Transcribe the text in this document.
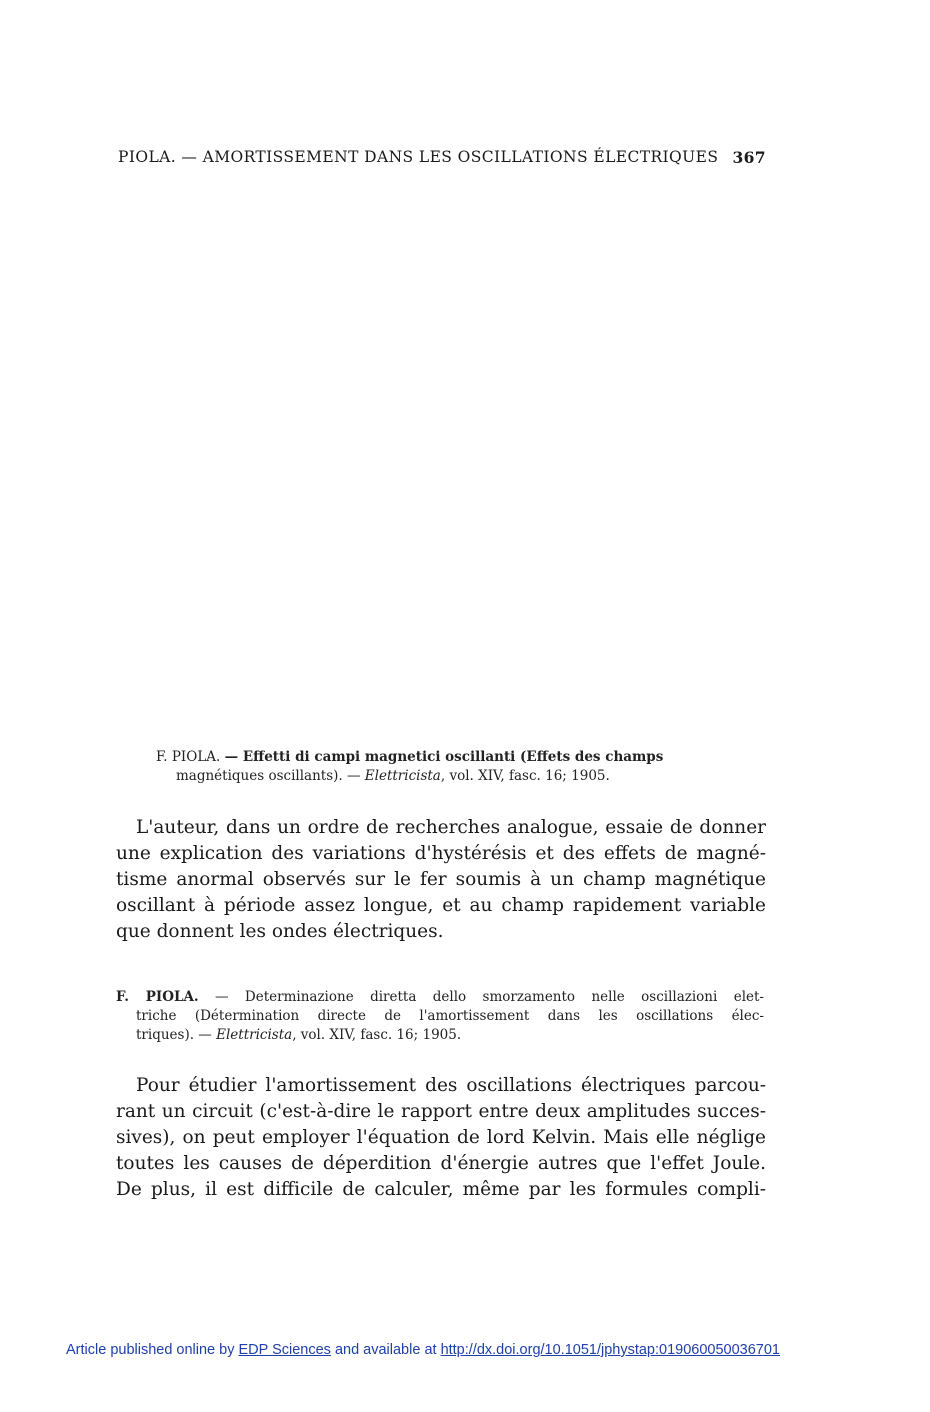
PIOLA. — AMORTISSEMENT DANS LES OSCILLATIONS ÉLECTRIQUES 367
F. PIOLA. — Effetti di campi magnetici oscillanti (Effets des champs
magnétiques oscillants). — Elettricista, vol. XIV, fasc. 16; 1905.
L'auteur, dans un ordre de recherches analogue, essaie de donner
une explication des variations d'hystérésis et des effets de magné-
tisme anormal observés sur le fer soumis à un champ magnétique
oscillant à période assez longue, et au champ rapidement variable
que donnent les ondes électriques.
F. PIOLA. — Determinazione diretta dello smorzamento nelle oscillazioni elet-
triche (Détermination directe de l'amortissement dans les oscillations élec-
triques). — Elettricista, vol. XIV, fasc. 16; 1905.
Pour étudier l'amortissement des oscillations électriques parcou-
rant un circuit (c'est-à-dire le rapport entre deux amplitudes succes-
sives), on peut employer l'équation de lord Kelvin. Mais elle néglige
toutes les causes de déperdition d'énergie autres que l'effet Joule.
De plus, il est difficile de calculer, même par les formules compli-
Article published online by EDP Sciences and available at http://dx.doi.org/10.1051/jphystap:019060050036701
